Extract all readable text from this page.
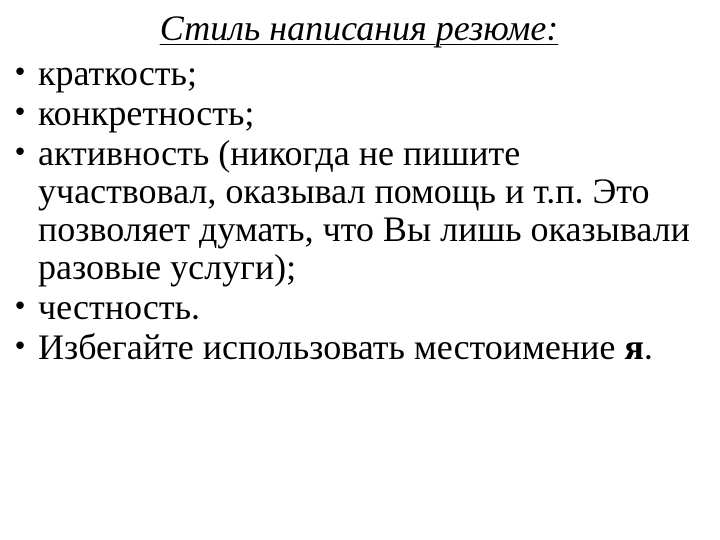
Стиль написания резюме:
• краткость;
• конкретность;
• активность (никогда не пишите участвовал, оказывал помощь и т.п. Это позволяет думать, что Вы лишь оказывали разовые услуги);
• честность.
• Избегайте использовать местоимение я.
